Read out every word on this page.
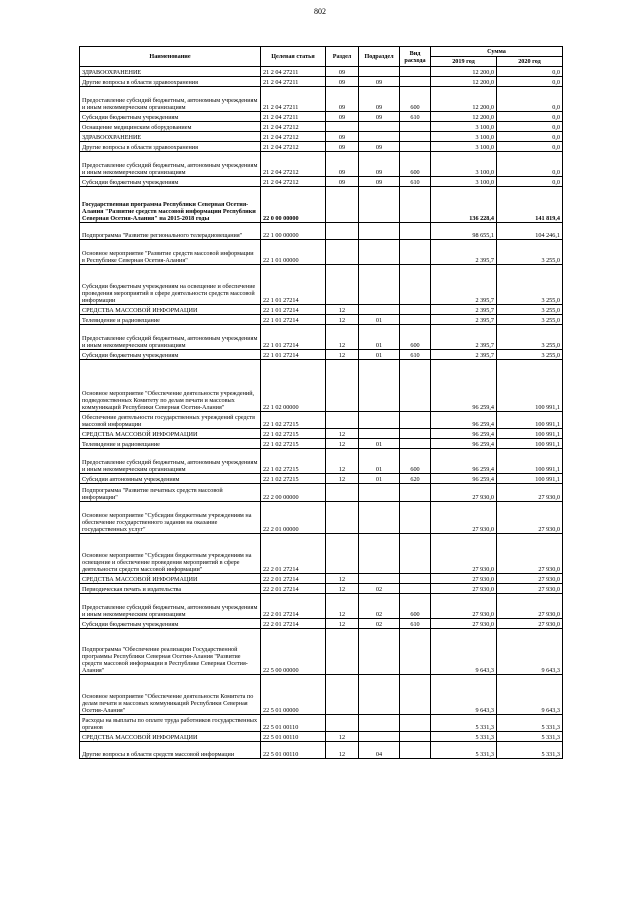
802
Наименование	Целевая статья	Раздел	Подраздел	Вид расхода	Сумма	
					2019 год	2020 год
ЗДРАВООХРАНЕНИЕ	21 2 04 27211	09			12 200,0	0,0
Другие вопросы в области здравоохранения	21 2 04 27211	09	09		12 200,0	0,0
Предоставление субсидий бюджетным, автономным учреждениям и иным некоммерческим организациям	21 2 04 27211	09	09	600	12 200,0	0,0
Субсидии бюджетным учреждениям	21 2 04 27211	09	09	610	12 200,0	0,0
Оснащение медицинским оборудованием	21 2 04 27212				3 100,0	0,0
ЗДРАВООХРАНЕНИЕ	21 2 04 27212	09			3 100,0	0,0
Другие вопросы в области здравоохранения	21 2 04 27212	09	09		3 100,0	0,0
Предоставление субсидий бюджетным, автономным учреждениям и иным некоммерческим организациям	21 2 04 27212	09	09	600	3 100,0	0,0
Субсидии бюджетным учреждениям	21 2 04 27212	09	09	610	3 100,0	0,0
Государственная программа Республики Северная Осетия-Алания "Развитие средств массовой информации Республики Северная Осетия-Алания" на 2015-2018 годы	22 0 00 00000				136 228,4	141 819,4
Подпрограмма "Развитие регионального телерадиовещания"	22 1 00 00000				98 655,1	104 246,1
Основное мероприятие "Развитие средств массовой информации в Республике Северная Осетия-Алания"	22 1 01 00000				2 395,7	3 255,0
Субсидии бюджетным учреждениям на освещение и обеспечение проведения мероприятий в сфере деятельности средств массовой информации	22 1 01 27214				2 395,7	3 255,0
СРЕДСТВА МАССОВОЙ ИНФОРМАЦИИ	22 1 01 27214	12			2 395,7	3 255,0
Телевидение и радиовещание	22 1 01 27214	12	01		2 395,7	3 255,0
Предоставление субсидий бюджетным, автономным учреждениям и иным некоммерческим организациям	22 1 01 27214	12	01	600	2 395,7	3 255,0
Субсидии бюджетным учреждениям	22 1 01 27214	12	01	610	2 395,7	3 255,0
Основное мероприятие "Обеспечение деятельности учреждений, подведомственных Комитету по делам печати и массовых коммуникаций Республики Северная Осетия-Алания"	22 1 02 00000				96 259,4	100 991,1
Обеспечение деятельности государственных учреждений средств массовой информации	22 1 02 27215				96 259,4	100 991,1
СРЕДСТВА МАССОВОЙ ИНФОРМАЦИИ	22 1 02 27215	12			96 259,4	100 991,1
Телевидение и радиовещание	22 1 02 27215	12	01		96 259,4	100 991,1
Предоставление субсидий бюджетным, автономным учреждениям и иным некоммерческим организациям	22 1 02 27215	12	01	600	96 259,4	100 991,1
Субсидии автономным учреждениям	22 1 02 27215	12	01	620	96 259,4	100 991,1
Подпрограмма "Развитие печатных средств массовой информации"	22 2 00 00000				27 930,0	27 930,0
Основное мероприятие "Субсидии бюджетным учреждениям на обеспечение государственного задания на оказание государственных услуг"	22 2 01 00000				27 930,0	27 930,0
Основное мероприятие "Субсидии бюджетным учреждениям на освещение и обеспечение проведения мероприятий в сфере деятельности средств массовой информации"	22 2 01 27214				27 930,0	27 930,0
СРЕДСТВА МАССОВОЙ ИНФОРМАЦИИ	22 2 01 27214	12			27 930,0	27 930,0
Периодическая печать и издательства	22 2 01 27214	12	02		27 930,0	27 930,0
Предоставление субсидий бюджетным, автономным учреждениям и иным некоммерческим организациям	22 2 01 27214	12	02	600	27 930,0	27 930,0
Субсидии бюджетным учреждениям	22 2 01 27214	12	02	610	27 930,0	27 930,0
Подпрограмма "Обеспечение реализации Государственной программы Республики Северная Осетия-Алания "Развитие средств массовой информации в Республике Северная Осетия-Алания"	22 5 00 00000				9 643,3	9 643,3
Основное мероприятие "Обеспечение деятельности Комитета по делам печати и массовых коммуникаций Республики Северная Осетия-Алания"	22 5 01 00000				9 643,3	9 643,3
Расходы на выплаты по оплате труда работников государственных органов	22 5 01 00110				5 331,3	5 331,3
СРЕДСТВА МАССОВОЙ ИНФОРМАЦИИ	22 5 01 00110	12			5 331,3	5 331,3
Другие вопросы в области средств массовой информации	22 5 01 00110	12	04		5 331,3	5 331,3
